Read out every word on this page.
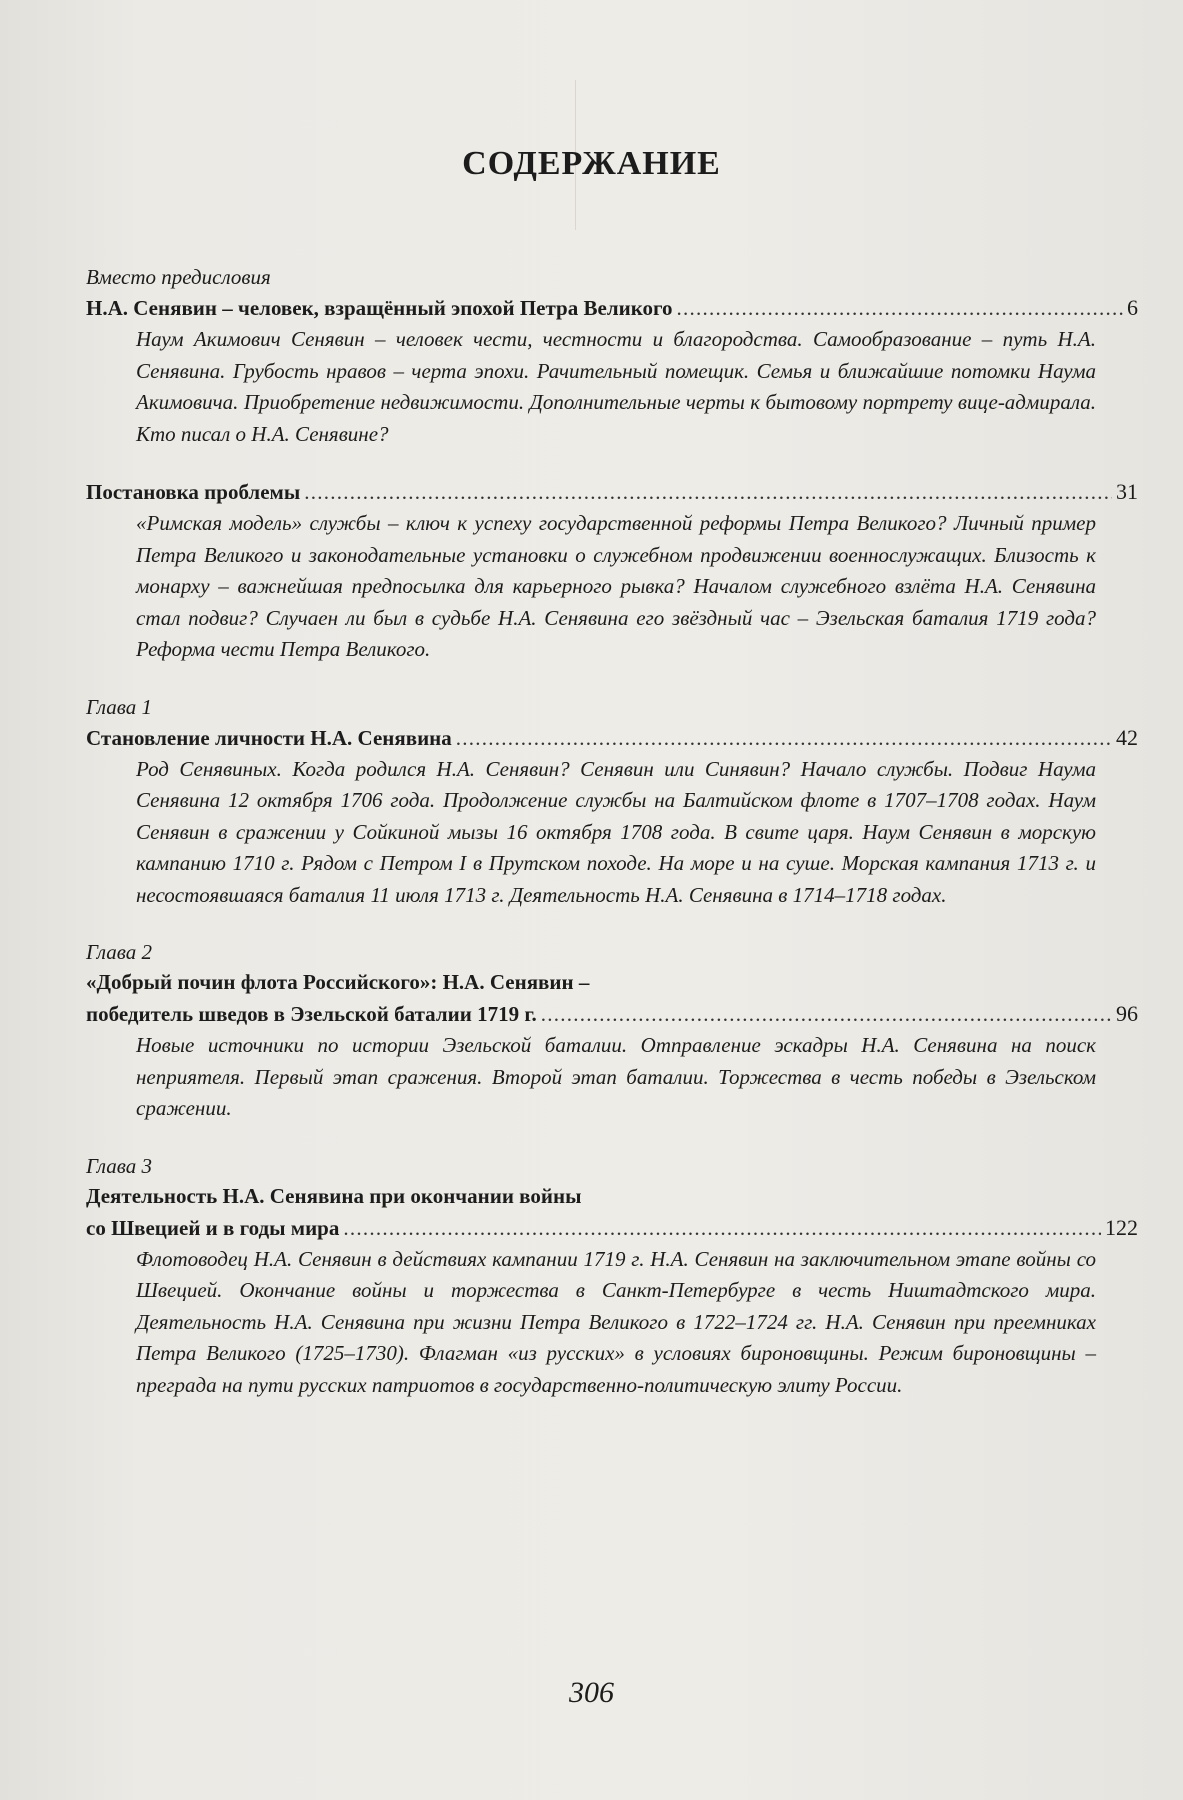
СОДЕРЖАНИЕ
Вместо предисловия
Н.А. Сенявин – человек, взращённый эпохой Петра Великого . . .	6
Наум Акимович Сенявин – человек чести, честности и благородства. Самообразование – путь Н.А. Сенявина. Грубость нравов – черта эпохи. Рачительный помещик. Семья и ближайшие потомки Наума Акимовича. Приобретение недвижимости. Дополнительные черты к бытовому портрету вице-адмирала. Кто писал о Н.А. Сенявине?
Постановка проблемы . . .	31
«Римская модель» службы – ключ к успеху государственной реформы Петра Великого? Личный пример Петра Великого и законодательные установки о служебном продвижении военнослужащих. Близость к монарху – важнейшая предпосылка для карьерного рывка? Началом служебного взлёта Н.А. Сенявина стал подвиг? Случаен ли был в судьбе Н.А. Сенявина его звёздный час – Эзельская баталия 1719 года? Реформа чести Петра Великого.
Глава 1
Становление личности Н.А. Сенявина . . .	42
Род Сенявиных. Когда родился Н.А. Сенявин? Сенявин или Синявин? Начало службы. Подвиг Наума Сенявина 12 октября 1706 года. Продолжение службы на Балтийском флоте в 1707–1708 годах. Наум Сенявин в сражении у Сойкиной мызы 16 октября 1708 года. В свите царя. Наум Сенявин в морскую кампанию 1710 г. Рядом с Петром I в Прутском походе. На море и на суше. Морская кампания 1713 г. и несостоявшаяся баталия 11 июля 1713 г. Деятельность Н.А. Сенявина в 1714–1718 годах.
Глава 2
«Добрый почин флота Российского»: Н.А. Сенявин –
победитель шведов в Эзельской баталии 1719 г. . . .	96
Новые источники по истории Эзельской баталии. Отправление эскадры Н.А. Сенявина на поиск неприятеля. Первый этап сражения. Второй этап баталии. Торжества в честь победы в Эзельском сражении.
Глава 3
Деятельность Н.А. Сенявина при окончании войны
со Швецией и в годы мира . . .	122
Флотоводец Н.А. Сенявин в действиях кампании 1719 г. Н.А. Сенявин на заключительном этапе войны со Швецией. Окончание войны и торжества в Санкт-Петербурге в честь Ништадтского мира. Деятельность Н.А. Сенявина при жизни Петра Великого в 1722–1724 гг. Н.А. Сенявин при преемниках Петра Великого (1725–1730). Флагман «из русских» в условиях бироновщины. Режим бироновщины – преграда на пути русских патриотов в государственно-политическую элиту России.
306
